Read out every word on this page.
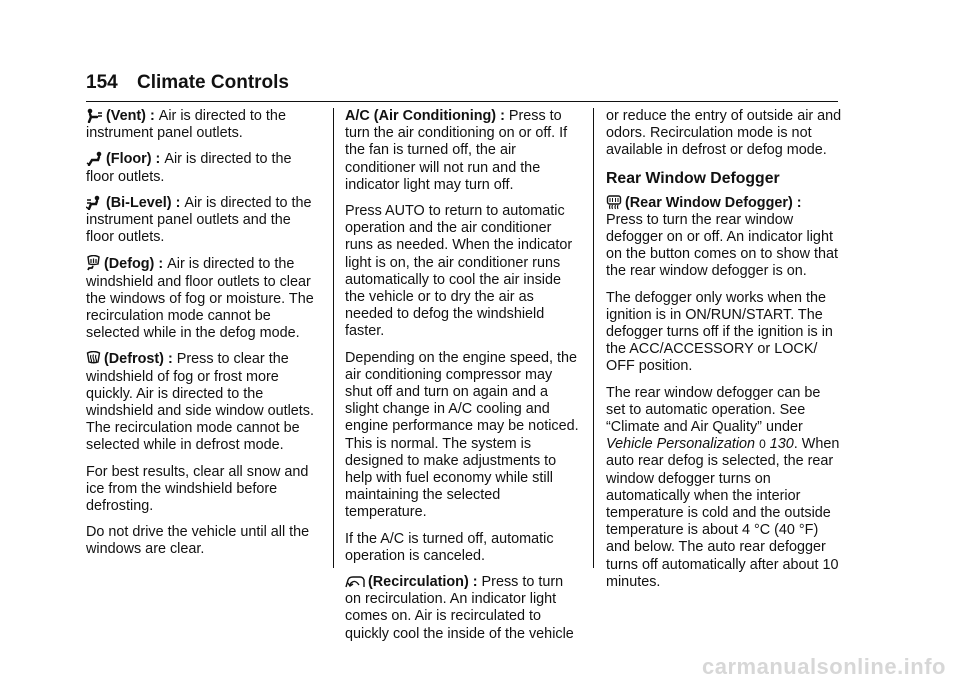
154 Climate Controls

(Vent) : Air is directed to the instrument panel outlets.

(Floor) : Air is directed to the floor outlets.

(Bi-Level) : Air is directed to the instrument panel outlets and the floor outlets.

(Defog) : Air is directed to the windshield and floor outlets to clear the windows of fog or moisture. The recirculation mode cannot be selected while in the defog mode.

(Defrost) : Press to clear the windshield of fog or frost more quickly. Air is directed to the windshield and side window outlets. The recirculation mode cannot be selected while in defrost mode.

For best results, clear all snow and ice from the windshield before defrosting.

Do not drive the vehicle until all the windows are clear.

A/C (Air Conditioning) : Press to turn the air conditioning on or off. If the fan is turned off, the air conditioner will not run and the indicator light may turn off.

Press AUTO to return to automatic operation and the air conditioner runs as needed. When the indicator light is on, the air conditioner runs automatically to cool the air inside the vehicle or to dry the air as needed to defog the windshield faster.

Depending on the engine speed, the air conditioning compressor may shut off and turn on again and a slight change in A/C cooling and engine performance may be noticed. This is normal. The system is designed to make adjustments to help with fuel economy while still maintaining the selected temperature.

If the A/C is turned off, automatic operation is canceled.

(Recirculation) : Press to turn on recirculation. An indicator light comes on. Air is recirculated to quickly cool the inside of the vehicle

or reduce the entry of outside air and odors. Recirculation mode is not available in defrost or defog mode.

Rear Window Defogger

(Rear Window Defogger) : Press to turn the rear window defogger on or off. An indicator light on the button comes on to show that the rear window defogger is on.

The defogger only works when the ignition is in ON/RUN/START. The defogger turns off if the ignition is in the ACC/ACCESSORY or LOCK/ OFF position.

The rear window defogger can be set to automatic operation. See “Climate and Air Quality” under Vehicle Personalization 0 130. When auto rear defog is selected, the rear window defogger turns on automatically when the interior temperature is cold and the outside temperature is about 4 °C (40 °F) and below. The auto rear defogger turns off automatically after about 10 minutes.

carmanualsonline.info
